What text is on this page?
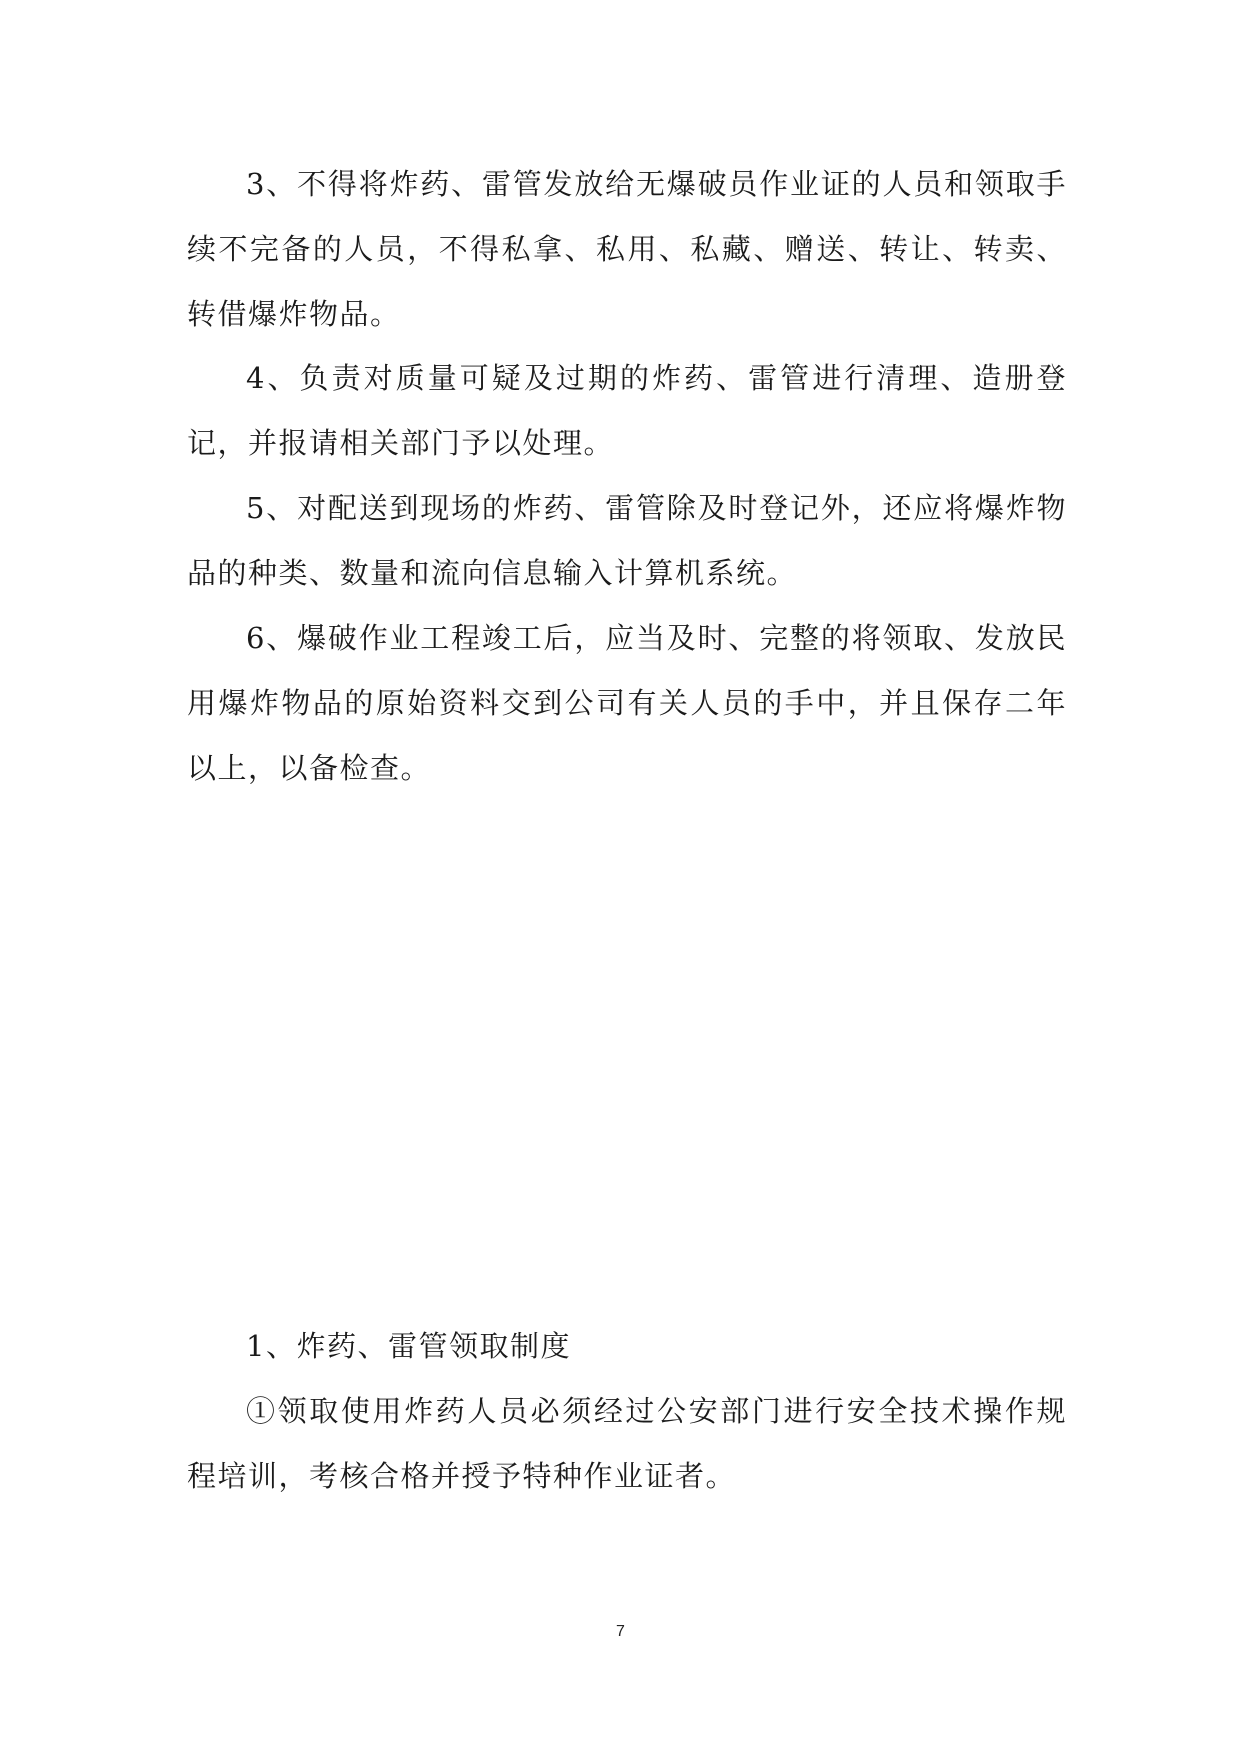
3、不得将炸药、雷管发放给无爆破员作业证的人员和领取手续不完备的人员，不得私拿、私用、私藏、赠送、转让、转卖、转借爆炸物品。

4、负责对质量可疑及过期的炸药、雷管进行清理、造册登记，并报请相关部门予以处理。

5、对配送到现场的炸药、雷管除及时登记外，还应将爆炸物品的种类、数量和流向信息输入计算机系统。

6、爆破作业工程竣工后，应当及时、完整的将领取、发放民用爆炸物品的原始资料交到公司有关人员的手中，并且保存二年以上，以备检查。

1、炸药、雷管领取制度

①领取使用炸药人员必须经过公安部门进行安全技术操作规程培训，考核合格并授予特种作业证者。

7
